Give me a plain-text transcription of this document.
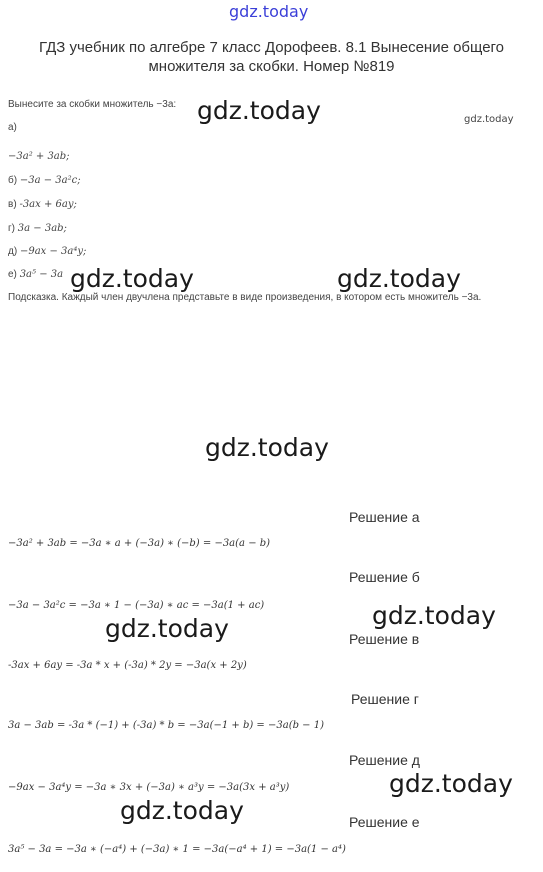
gdz.today
ГДЗ учебник по алгебре 7 класс Дорофеев. 8.1 Вынесение общего множителя за скобки. Номер №819
Вынесите за скобки множитель −3a:
а)
−3a² + 3ab;
б) −3a − 3a²c;
в) -3ax + 6ay;
г) 3a − 3ab;
д) −9ax − 3a⁴y;
е) 3a⁵ − 3a
Подсказка. Каждый член двучлена представьте в виде произведения, в котором есть множитель −3a.
gdz.today	gdz.today
gdz.today	gdz.today
gdz.today
gdz.today
gdz.today
gdz.today
gdz.today
Решение а
−3a² + 3ab = −3a ∗ a + (−3a) ∗ (−b) = −3a(a − b)
Решение б
−3a − 3a²c = −3a ∗ 1 − (−3a) ∗ ac = −3a(1 + ac)
Решение в
-3ax + 6ay = -3a * x + (-3a) * 2y = −3a(x + 2y)
Решение г
3a − 3ab = -3a * (−1) + (-3a) * b = −3a(−1 + b) = −3a(b − 1)
Решение д
−9ax − 3a⁴y = −3a ∗ 3x + (−3a) ∗ a³y = −3a(3x + a³y)
Решение е
3a⁵ − 3a = −3a ∗ (−a⁴) + (−3a) ∗ 1 = −3a(−a⁴ + 1) = −3a(1 − a⁴)
